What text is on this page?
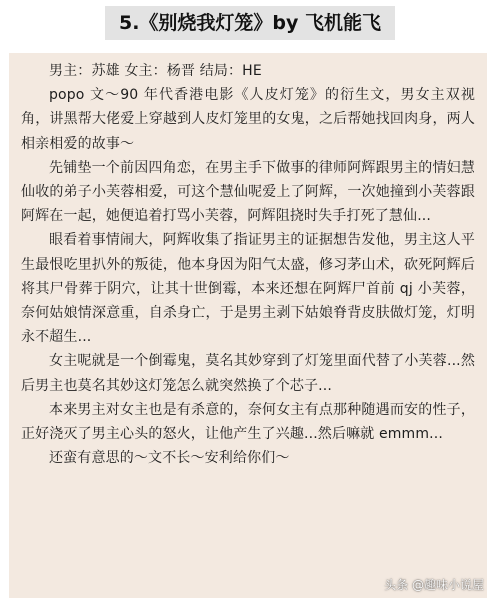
5.《别烧我灯笼》by 飞机能飞

男主：苏雄 女主：杨晋 结局：HE

popo 文～90 年代香港电影《人皮灯笼》的衍生文，男女主双视角，讲黑帮大佬爱上穿越到人皮灯笼里的女鬼，之后帮她找回肉身，两人相亲相爱的故事～

先铺垫一个前因四角恋，在男主手下做事的律师阿辉跟男主的情妇慧仙收的弟子小芙蓉相爱，可这个慧仙呢爱上了阿辉，一次她撞到小芙蓉跟阿辉在一起，她便追着打骂小芙蓉，阿辉阻挠时失手打死了慧仙...

眼看着事情闹大，阿辉收集了指证男主的证据想告发他，男主这人平生最恨吃里扒外的叛徒，他本身因为阳气太盛，修习茅山术，砍死阿辉后将其尸骨葬于阴穴，让其十世倒霉，本来还想在阿辉尸首前 qj 小芙蓉，奈何姑娘情深意重，自杀身亡，于是男主剥下姑娘脊背皮肤做灯笼，灯明永不超生...

女主呢就是一个倒霉鬼，莫名其妙穿到了灯笼里面代替了小芙蓉...然后男主也莫名其妙这灯笼怎么就突然换了个芯子...

本来男主对女主也是有杀意的，奈何女主有点那种随遇而安的性子，正好浇灭了男主心头的怒火，让他产生了兴趣...然后嘛就 emmm...

还蛮有意思的～文不长～安利给你们～

头条 @趣味小说屋
